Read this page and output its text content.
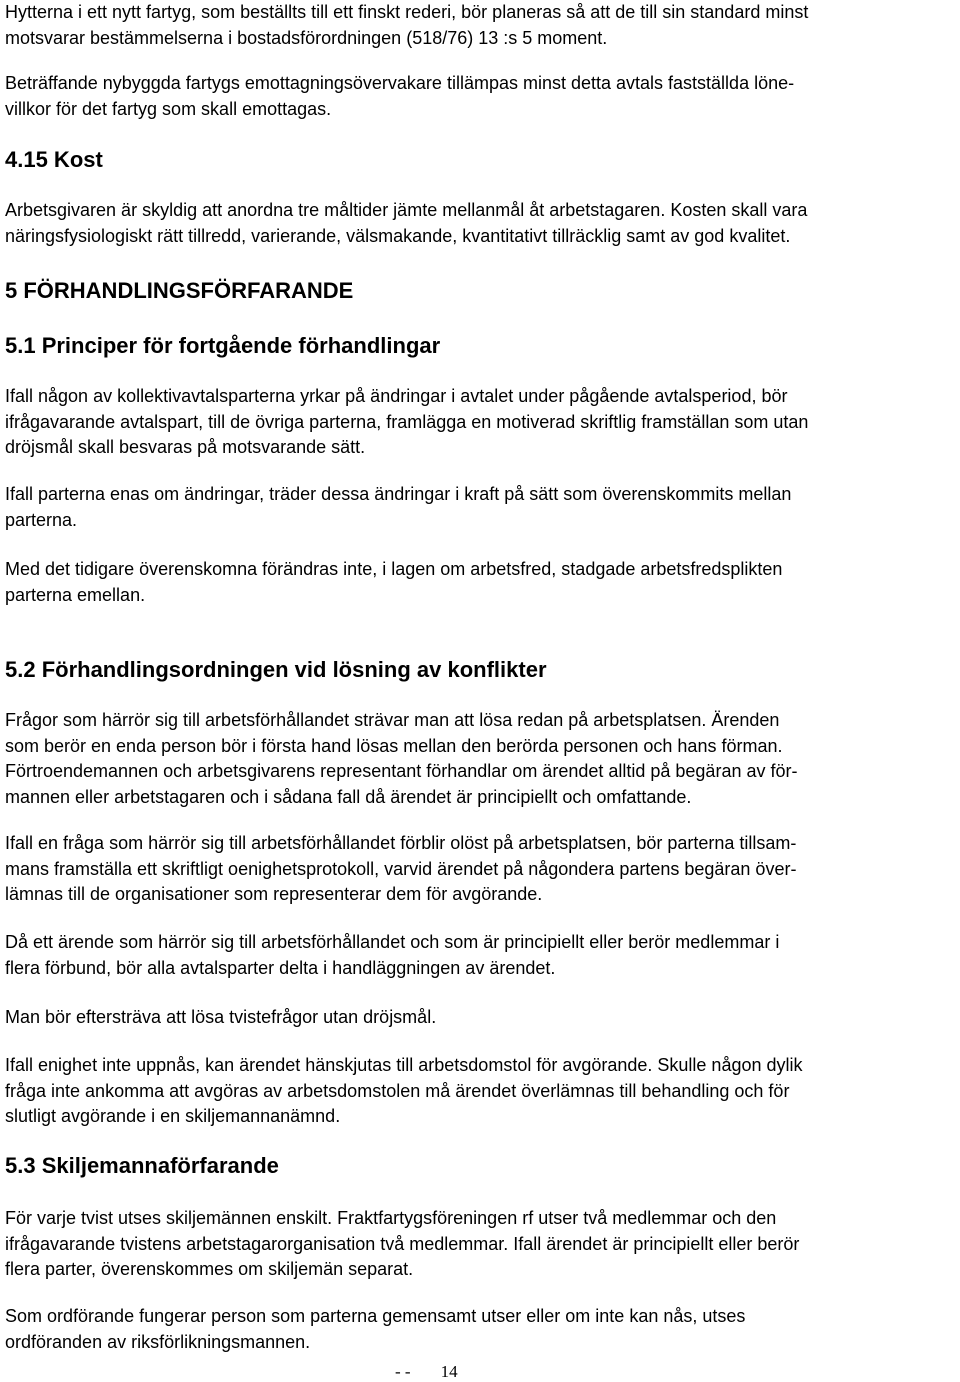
Hytterna i ett nytt fartyg, som beställts till ett finskt rederi, bör planeras så att de till sin standard minst
motsvarar bestämmelserna i bostadsförordningen (518/76) 13 :s 5 moment.
Beträffande nybyggda fartygs emottagningsövervakare tillämpas minst detta avtals fastställda löne-
villkor för det fartyg som skall emottagas.
4.15 Kost
Arbetsgivaren är skyldig att anordna tre måltider jämte mellanmål åt arbetstagaren. Kosten skall vara
näringsfysiologiskt rätt tillredd, varierande, välsmakande, kvantitativt tillräcklig samt av god kvalitet.
5 FÖRHANDLINGSFÖRFARANDE
5.1 Principer för fortgående förhandlingar
Ifall någon av kollektivavtalsparterna yrkar på ändringar i avtalet under pågående avtalsperiod, bör
ifrågavarande avtalspart, till de övriga parterna, framlägga en motiverad skriftlig framställan som utan
dröjsmål skall besvaras på motsvarande sätt.
Ifall parterna enas om ändringar, träder dessa ändringar i kraft på sätt som överenskommits mellan
parterna.
Med det tidigare överenskomna förändras inte, i lagen om arbetsfred, stadgade arbetsfredsplikten
parterna emellan.
5.2 Förhandlingsordningen vid lösning av konflikter
Frågor som härrör sig till arbetsförhållandet strävar man att lösa redan på arbetsplatsen. Ärenden
som berör en enda person bör i första hand lösas mellan den berörda personen och hans förman.
Förtroendemannen och arbetsgivarens representant förhandlar om ärendet alltid på begäran av för-
mannen eller arbetstagaren och i sådana fall då ärendet är principiellt och omfattande.
Ifall en fråga som härrör sig till arbetsförhållandet förblir olöst på arbetsplatsen, bör parterna tillsam-
mans framställa ett skriftligt oenighetsprotokoll, varvid ärendet på någondera partens begäran över-
lämnas till de organisationer som representerar dem för avgörande.
Då ett ärende som härrör sig till arbetsförhållandet och som är principiellt eller berör medlemmar i
flera förbund, bör alla avtalsparter delta i handläggningen av ärendet.
Man bör eftersträva att lösa tvistefrågor utan dröjsmål.
Ifall enighet inte uppnås, kan ärendet hänskjutas till arbetsdomstol för avgörande. Skulle någon dylik
fråga inte ankomma att avgöras av arbetsdomstolen må ärendet överlämnas till behandling och för
slutligt avgörande i en skiljemannanämnd.
5.3 Skiljemannaförfarande
För varje tvist utses skiljemännen enskilt. Fraktfartygsföreningen rf utser två medlemmar och den
ifrågavarande tvistens arbetstagarorganisation två medlemmar. Ifall ärendet är principiellt eller berör
flera parter, överenskommes om skiljemän separat.
Som ordförande fungerar person som parterna gemensamt utser eller om inte kan nås, utses
ordföranden av riksförlikningsmannen.
- - 14
